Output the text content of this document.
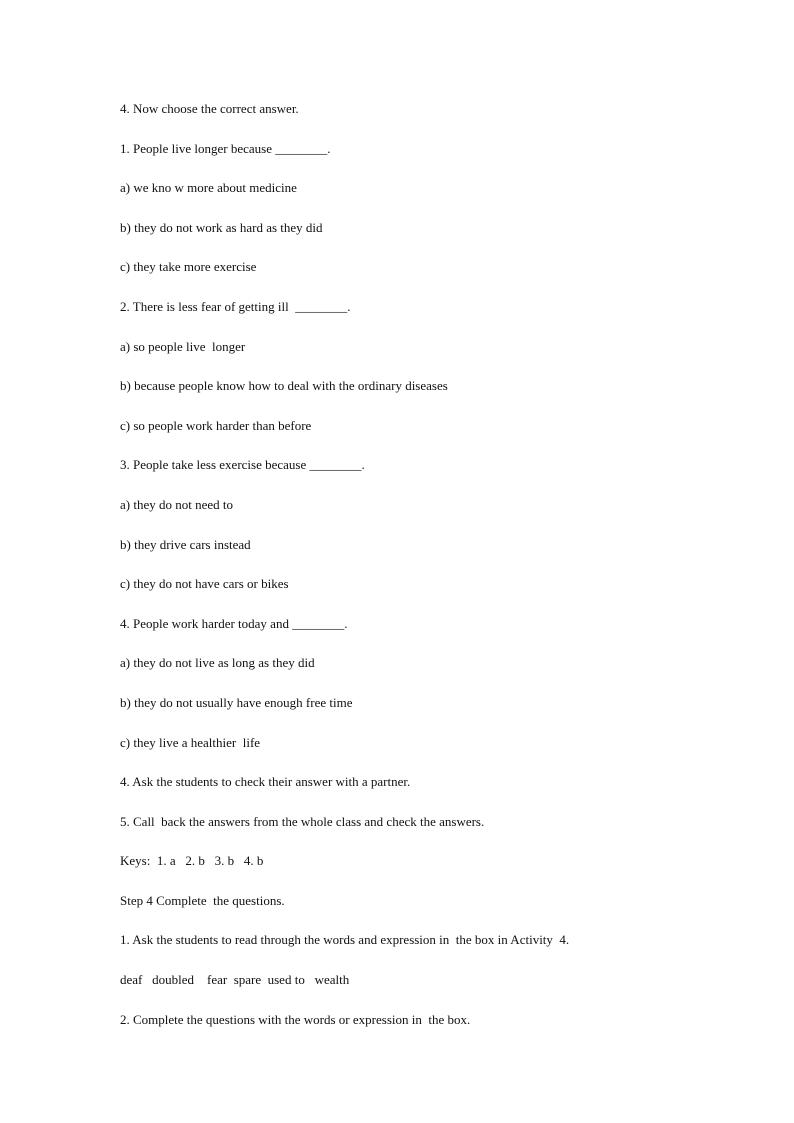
4. Now choose the correct answer.
1. People live longer because ________.
a) we kno w more about medicine
b) they do not work as hard as they did
c) they take more exercise
2. There is less fear of getting ill  ________.
a) so people live  longer
b) because people know how to deal with the ordinary diseases
c) so people work harder than before
3. People take less exercise because ________.
a) they do not need to
b) they drive cars instead
c) they do not have cars or bikes
4. People work harder today and ________.
a) they do not live as long as they did
b) they do not usually have enough free time
c) they live a healthier  life
4. Ask the students to check their answer with a partner.
5. Call  back the answers from the whole class and check the answers.
Keys:  1. a   2. b   3. b   4. b
Step 4 Complete  the questions.
1. Ask the students to read through the words and expression in  the box in Activity  4.
deaf   doubled    fear  spare  used to   wealth
2. Complete the questions with the words or expression in  the box.
